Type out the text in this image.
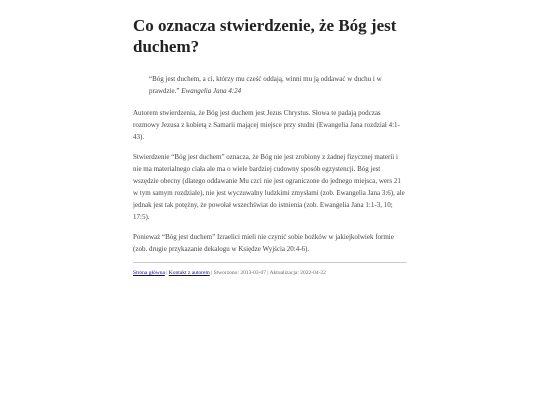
Co oznacza stwierdzenie, że Bóg jest duchem?
“Bóg jest duchem, a ci, którzy mu cześć oddają, winni mu ją oddawać w duchu i w prawdzie.” Ewangelia Jana 4:24

Autorem stwierdzenia, że Bóg jest duchem jest Jezus Chrystus. Słowa te padają podczas rozmowy Jezusa z kobietą z Samarii mającej miejsce przy studni (Ewangelia Jana rozdział 4:1-43).

Stwierdzenie “Bóg jest duchem” oznacza, że Bóg nie jest zrobiony z żadnej fizycznej materii i nie ma materialnego ciała ale ma o wiele bardziej cudowny sposób egzystencji. Bóg jest wszędzie obecny (dlatego oddawanie Mu czci nie jest ograniczone do jednego miejsca, wers 21 w tym samym rozdziale), nie jest wyczuwalny ludzkimi zmysłami (zob. Ewangelia Jana 3:6), ale jednak jest tak potężny, że powołał wszechświat do istnienia (zob. Ewangelia Jana 1:1-3, 10; 17:5).

Ponieważ “Bóg jest duchem” Izraelici mieli nie czynić sobie bożków w jakiejkolwiek formie (zob. drugie przykazanie dekalogu w Księdze Wyjścia 20:4-6).

Strona główna | Kontakt z autorem | Stworzono: 2013-03-07 | Aktualizacja: 2022-04-22
